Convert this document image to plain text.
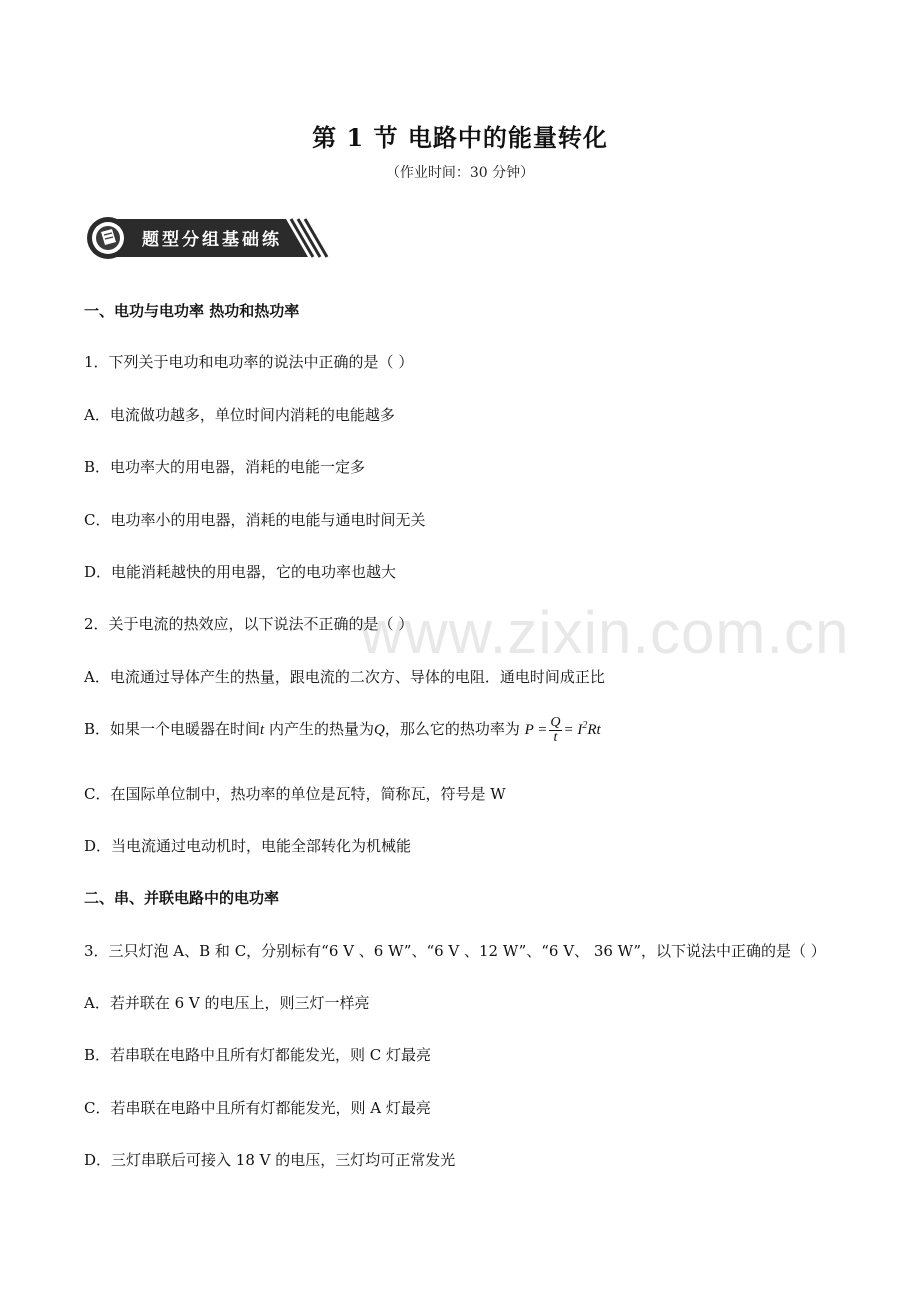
www.zixin.com.cn
第 1 节 电路中的能量转化
（作业时间：30 分钟）
题型分组基础练
一、电功与电功率 热功和热功率
1．下列关于电功和电功率的说法中正确的是（ ）
A．电流做功越多，单位时间内消耗的电能越多
B．电功率大的用电器，消耗的电能一定多
C．电功率小的用电器，消耗的电能与通电时间无关
D．电能消耗越快的用电器，它的电功率也越大
2．关于电流的热效应，以下说法不正确的是（ ）
A．电流通过导体产生的热量，跟电流的二次方、导体的电阻．通电时间成正比
B．如果一个电暖器在时间t 内产生的热量为Q，那么它的热功率为 $P = \frac{Q}{t} = I^2Rt$
C．在国际单位制中，热功率的单位是瓦特，简称瓦，符号是 W
D．当电流通过电动机时，电能全部转化为机械能
二、串、并联电路中的电功率
3．三只灯泡 A、B 和 C，分别标有“6 V 、6 W”、“6 V 、12 W”、“6 V、 36 W”，以下说法中正确的是（ ）
A．若并联在 6 V 的电压上，则三灯一样亮
B．若串联在电路中且所有灯都能发光，则 C 灯最亮
C．若串联在电路中且所有灯都能发光，则 A 灯最亮
D．三灯串联后可接入 18 V 的电压，三灯均可正常发光
